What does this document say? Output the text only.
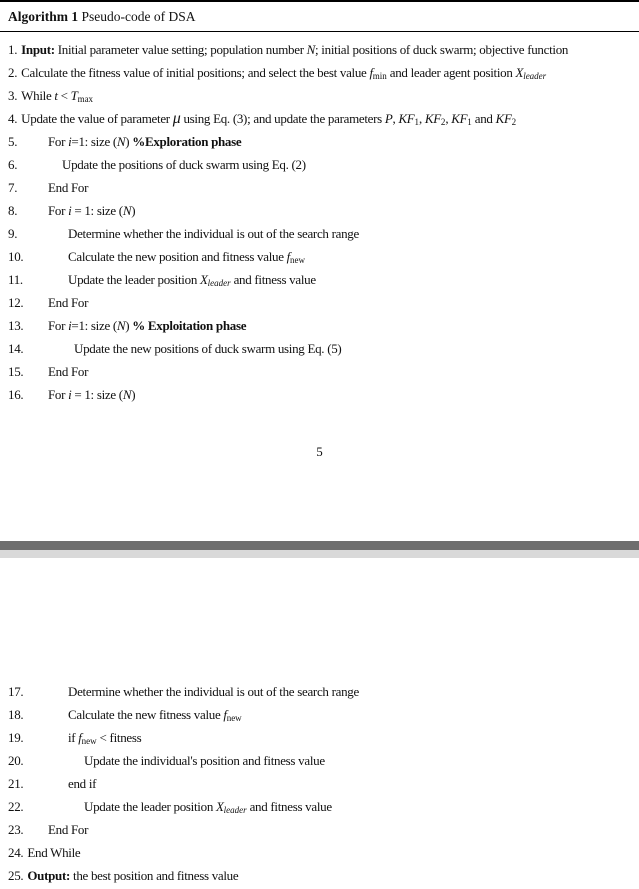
Algorithm 1 Pseudo-code of DSA
1. Input: Initial parameter value setting; population number N; initial positions of duck swarm; objective function
2. Calculate the fitness value of initial positions; and select the best value $f_{min}$ and leader agent position $X_{leader}$
3. While $t < T_{max}$
4. Update the value of parameter μ using Eq. (3); and update the parameters P, $KF_1$, $KF_2$, $KF_1$ and $KF_2$
5. For i=1: size (N) %Exploration phase
6.	Update the positions of duck swarm using Eq. (2)
7. End For
8. For i = 1: size (N)
9.	Determine whether the individual is out of the search range
10.	Calculate the new position and fitness value $f_{new}$
11.	Update the leader position $X_{leader}$ and fitness value
12. End For
13. For i=1: size (N) % Exploitation phase
14.	Update the new positions of duck swarm using Eq. (5)
15. End For
16. For i = 1: size (N)
5
17.	Determine whether the individual is out of the search range
18.	Calculate the new fitness value $f_{new}$
19.	if $f_{new}$ < fitness
20.	Update the individual's position and fitness value
21.	end if
22.	Update the leader position $X_{leader}$ and fitness value
23. End For
24. End While
25. Output: the best position and fitness value
